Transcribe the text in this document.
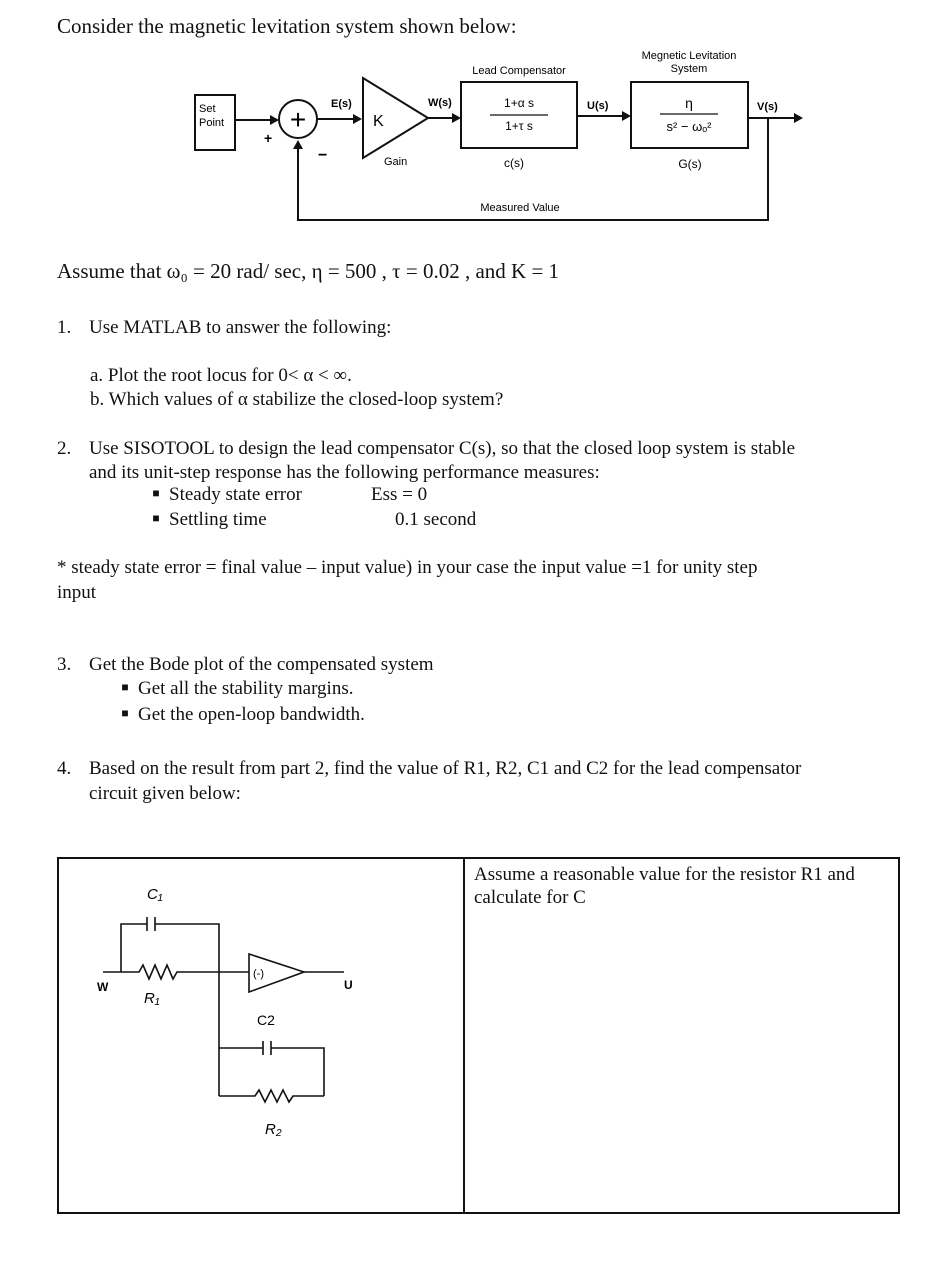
Consider the magnetic levitation system shown below:
Set
Point +
+
−
E(s)
K
Gain
W(s)
Lead Compensator
1+α s
1+τ s
c(s)
U(s)
Megnetic Levitation
System
η
s² − ωₒ²
G(s)
V(s)
Measured Value
Assume that ω₀ = 20 rad/ sec, η = 500 , τ = 0.02 , and K = 1
1. Use MATLAB to answer the following:
a. Plot the root locus for 0< α < ∞.
b. Which values of α stabilize the closed-loop system?
2. Use SISOTOOL to design the lead compensator C(s), so that the closed loop system is stable
and its unit-step response has the following performance measures:
■ Steady state error	Ess = 0
■ Settling time	0.1 second
* steady state error = final value – input value) in your case the input value =1 for unity step
input
3. Get the Bode plot of the compensated system
■ Get all the stability margins.
■ Get the open-loop bandwidth.
4. Based on the result from part 2, find the value of R1, R2, C1 and C2 for the lead compensator
circuit given below:
Assume a reasonable value for the resistor R1 and calculate for C
C₁
W
R₁
(-)
U
C2
R₂
